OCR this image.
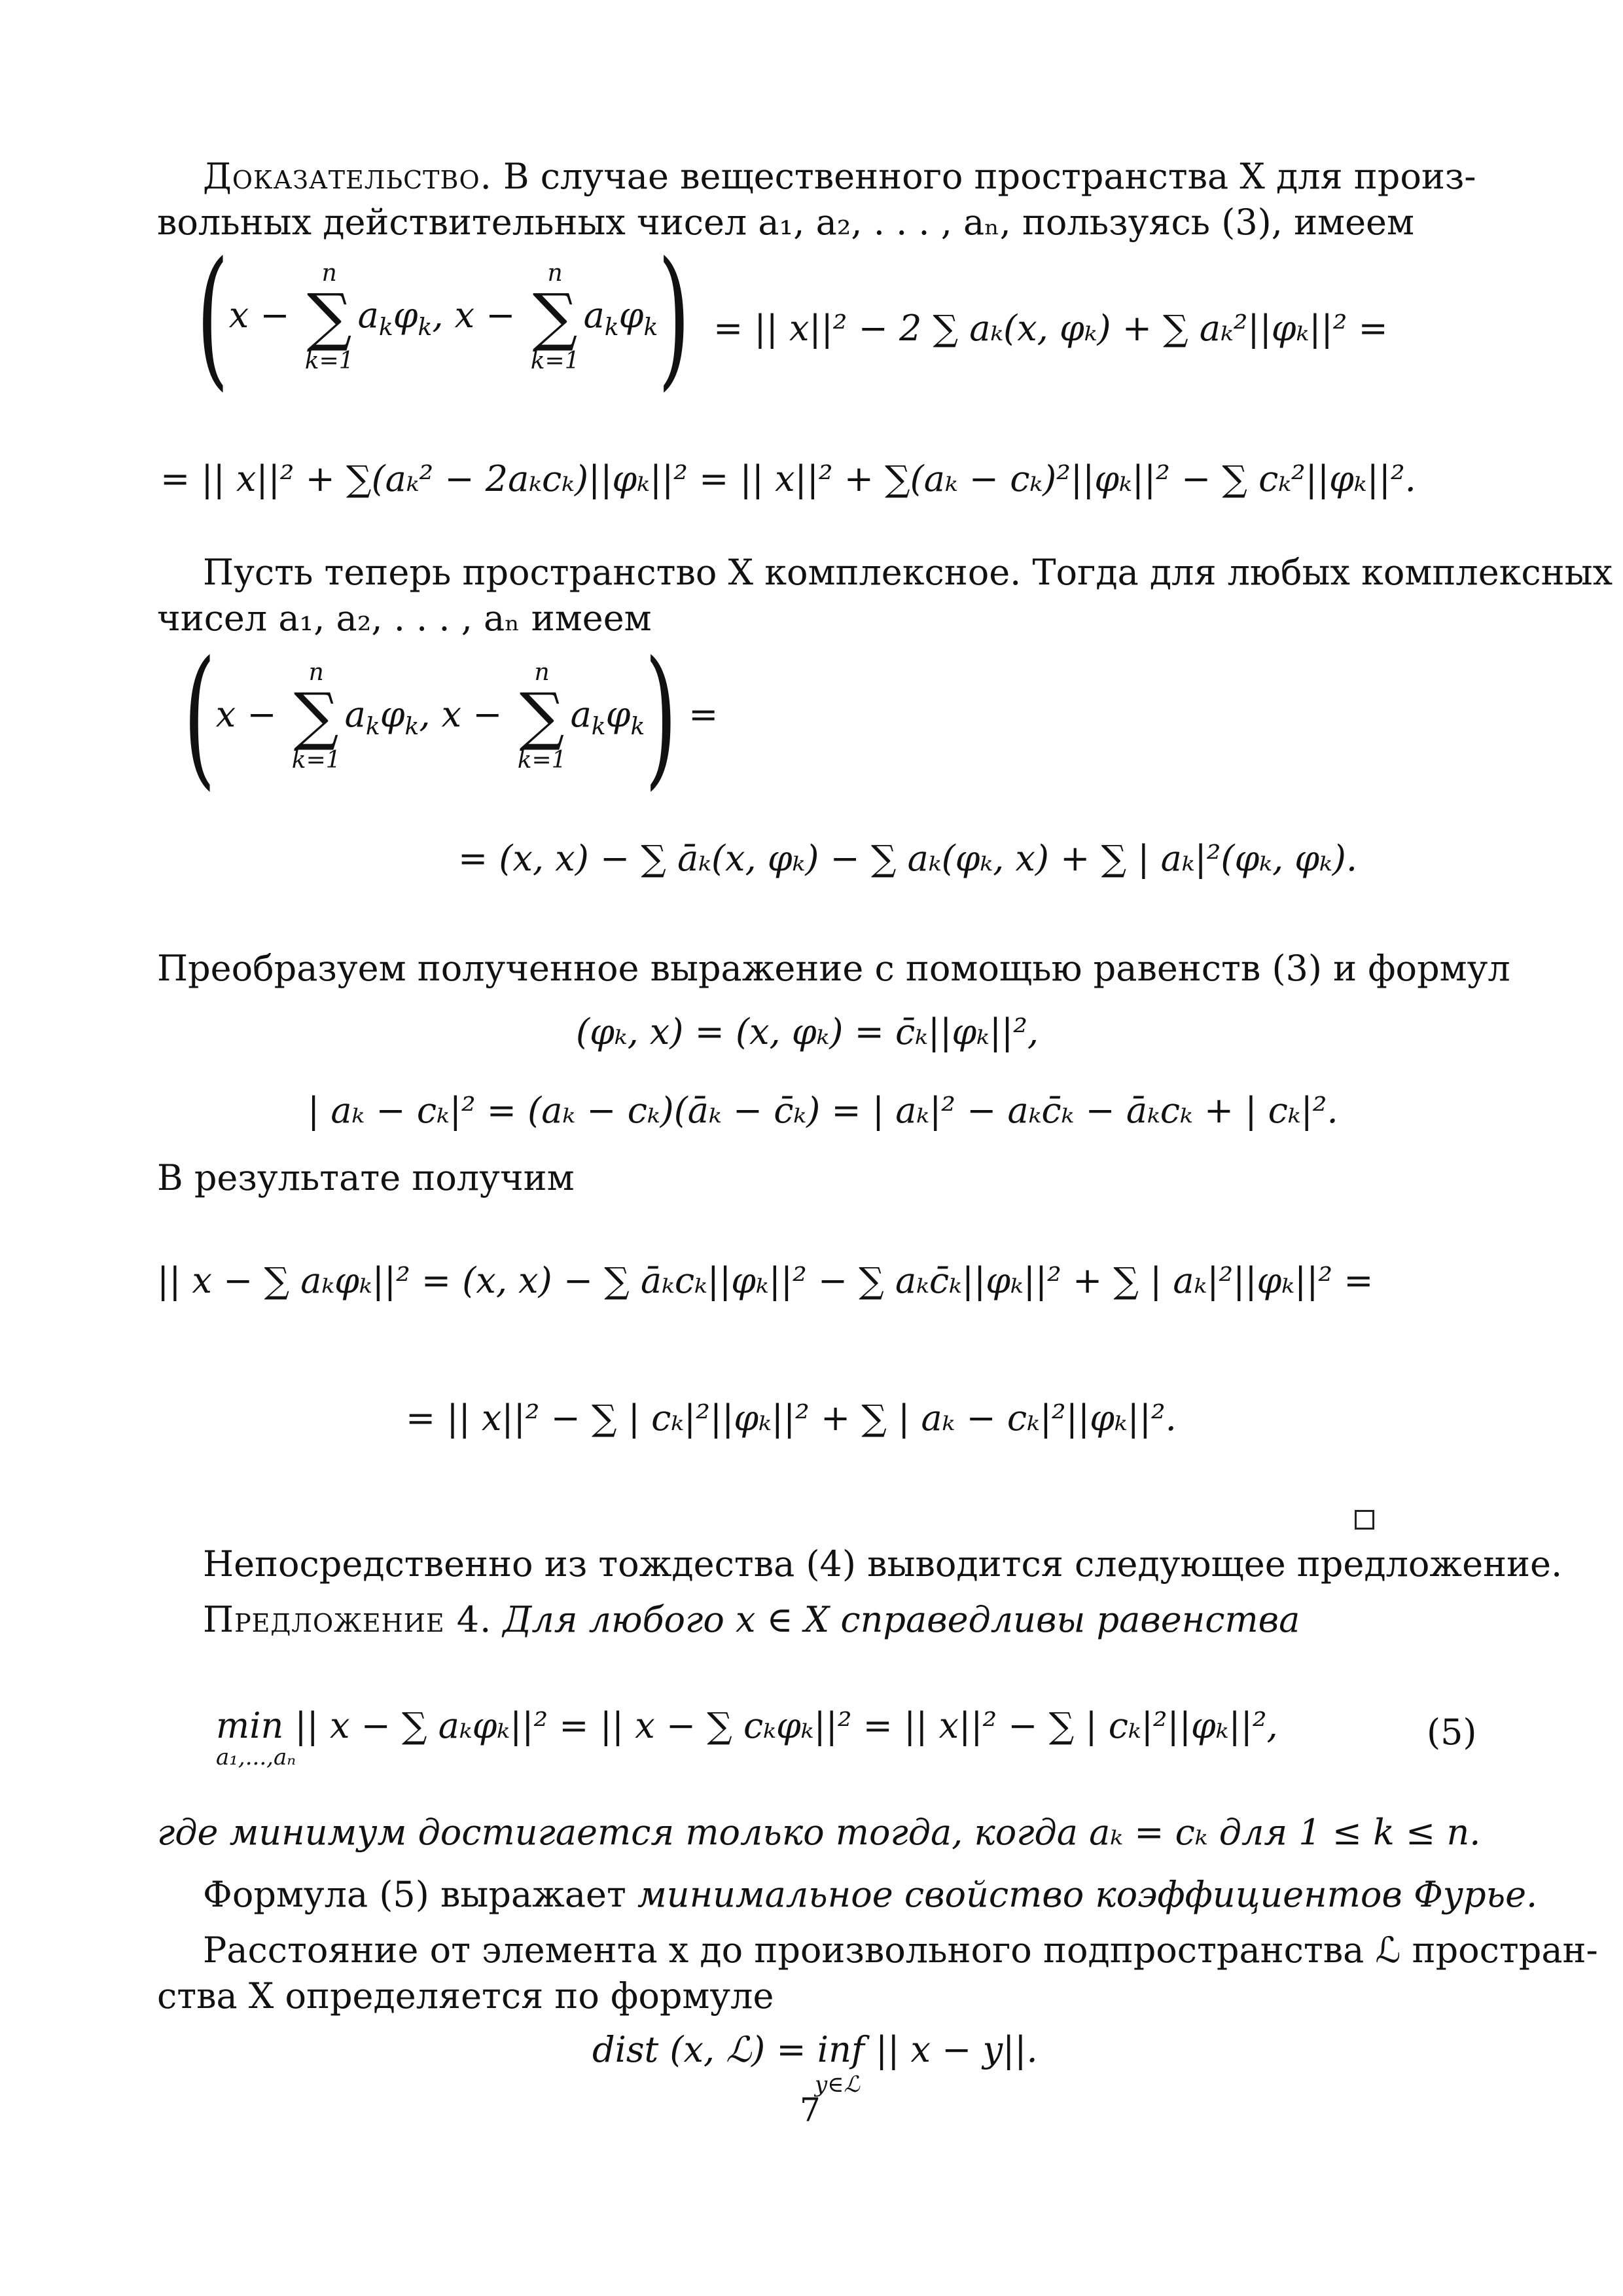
Доказательство. В случае вещественного пространства X для произ-
вольных действительных чисел a₁, a₂, . . . , aₙ, пользуясь (3), имеем
(x −
n
∑
k=1
$a_k\varphi_k$, x −
n
∑
k=1
$a_k\varphi_k$) = || x||² − 2 ∑ aₖ(x, φₖ) + ∑ aₖ²||φₖ||² =
= || x||² + ∑(aₖ² − 2aₖcₖ)||φₖ||² = || x||² + ∑(aₖ − cₖ)²||φₖ||² − ∑ cₖ²||φₖ||².
Пусть теперь пространство X комплексное. Тогда для любых комплексных
чисел a₁, a₂, . . . , aₙ имеем
(x −
n
∑
k=1
$a_k\varphi_k$, x −
n
∑
k=1
$a_k\varphi_k$) =
= (x, x) − ∑ āₖ(x, φₖ) − ∑ aₖ(φₖ, x) + ∑ | aₖ|²(φₖ, φₖ).
Преобразуем полученное выражение с помощью равенств (3) и формул
(φₖ, x) = (x, φₖ) = c̄ₖ||φₖ||²,
| aₖ − cₖ|² = (aₖ − cₖ)(āₖ − c̄ₖ) = | aₖ|² − aₖc̄ₖ − āₖcₖ + | cₖ|².
В результате получим
|| x − ∑ aₖφₖ||² = (x, x) − ∑ āₖcₖ||φₖ||² − ∑ aₖc̄ₖ||φₖ||² + ∑ | aₖ|²||φₖ||² =
= || x||² − ∑ | cₖ|²||φₖ||² + ∑ | aₖ − cₖ|²||φₖ||².
Непосредственно из тождества (4) выводится следующее предложение.
Предложение 4. Для любого x ∈ X справедливы равенства
min || x − ∑ aₖφₖ||² = || x − ∑ cₖφₖ||² = || x||² − ∑ | cₖ|²||φₖ||²,
a₁,...,aₙ
(5)
где минимум достигается только тогда, когда aₖ = cₖ для 1 ≤ k ≤ n.
Формула (5) выражает минимальное свойство коэффициентов Фурье.
Расстояние от элемента x до произвольного подпространства ℒ простран-
ства X определяется по формуле
dist (x, ℒ) = inf || x − y||.
y∈ℒ
7
